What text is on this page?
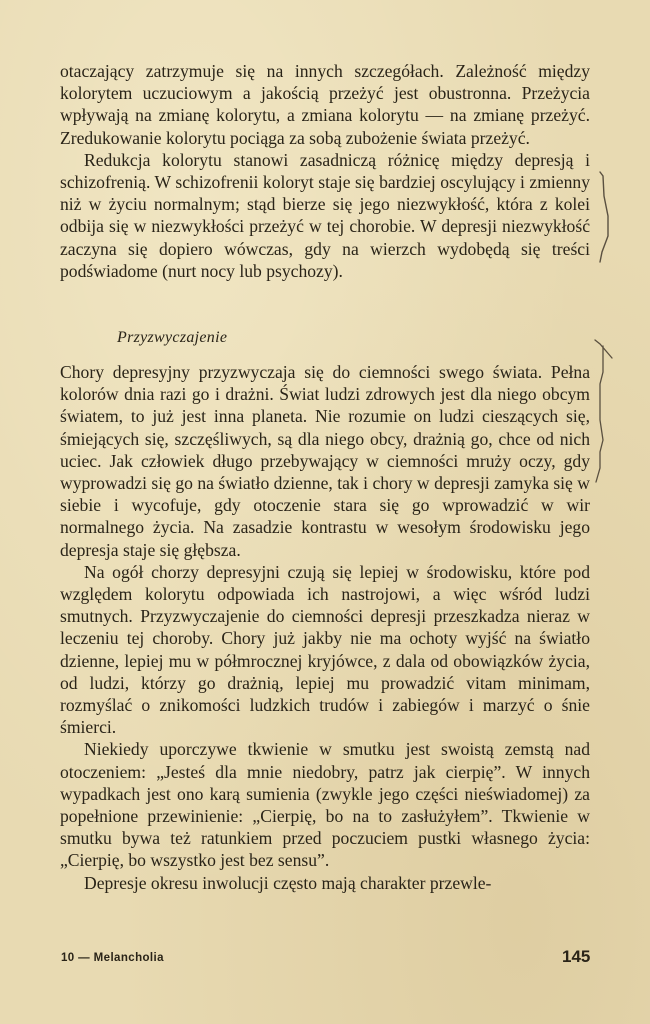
otaczający zatrzymuje się na innych szczegółach. Zależność między kolorytem uczuciowym a jakością przeżyć jest obustronna. Przeżycia wpływają na zmianę kolorytu, a zmiana kolorytu — na zmianę przeżyć. Zredukowanie kolorytu pociąga za sobą zubożenie świata przeżyć.

Redukcja kolorytu stanowi zasadniczą różnicę między depresją i schizofrenią. W schizofrenii koloryt staje się bardziej oscylujący i zmienny niż w życiu normalnym; stąd bierze się jego niezwykłość, która z kolei odbija się w niezwykłości przeżyć w tej chorobie. W depresji niezwykłość zaczyna się dopiero wówczas, gdy na wierzch wydobędą się treści podświadome (nurt nocy lub psychozy).

Przyzwyczajenie

Chory depresyjny przyzwyczaja się do ciemności swego świata. Pełna kolorów dnia razi go i drażni. Świat ludzi zdrowych jest dla niego obcym światem, to już jest inna planeta. Nie rozumie on ludzi cieszących się, śmiejących się, szczęśliwych, są dla niego obcy, drażnią go, chce od nich uciec. Jak człowiek długo przebywający w ciemności mruży oczy, gdy wyprowadzi się go na światło dzienne, tak i chory w depresji zamyka się w siebie i wycofuje, gdy otoczenie stara się go wprowadzić w wir normalnego życia. Na zasadzie kontrastu w wesołym środowisku jego depresja staje się głębsza.

Na ogół chorzy depresyjni czują się lepiej w środowisku, które pod względem kolorytu odpowiada ich nastrojowi, a więc wśród ludzi smutnych. Przyzwyczajenie do ciemności depresji przeszkadza nieraz w leczeniu tej choroby. Chory już jakby nie ma ochoty wyjść na światło dzienne, lepiej mu w półmrocznej kryjówce, z dala od obowiązków życia, od ludzi, którzy go drażnią, lepiej mu prowadzić vitam minimam, rozmyślać o znikomości ludzkich trudów i zabiegów i marzyć o śnie śmierci.

Niekiedy uporczywe tkwienie w smutku jest swoistą zemstą nad otoczeniem: „Jesteś dla mnie niedobry, patrz jak cierpię”. W innych wypadkach jest ono karą sumienia (zwykle jego części nieświadomej) za popełnione przewinienie: „Cierpię, bo na to zasłużyłem”. Tkwienie w smutku bywa też ratunkiem przed poczuciem pustki własnego życia: „Cierpię, bo wszystko jest bez sensu”.

Depresje okresu inwolucji często mają charakter przewle-

10 — Melancholia	145
